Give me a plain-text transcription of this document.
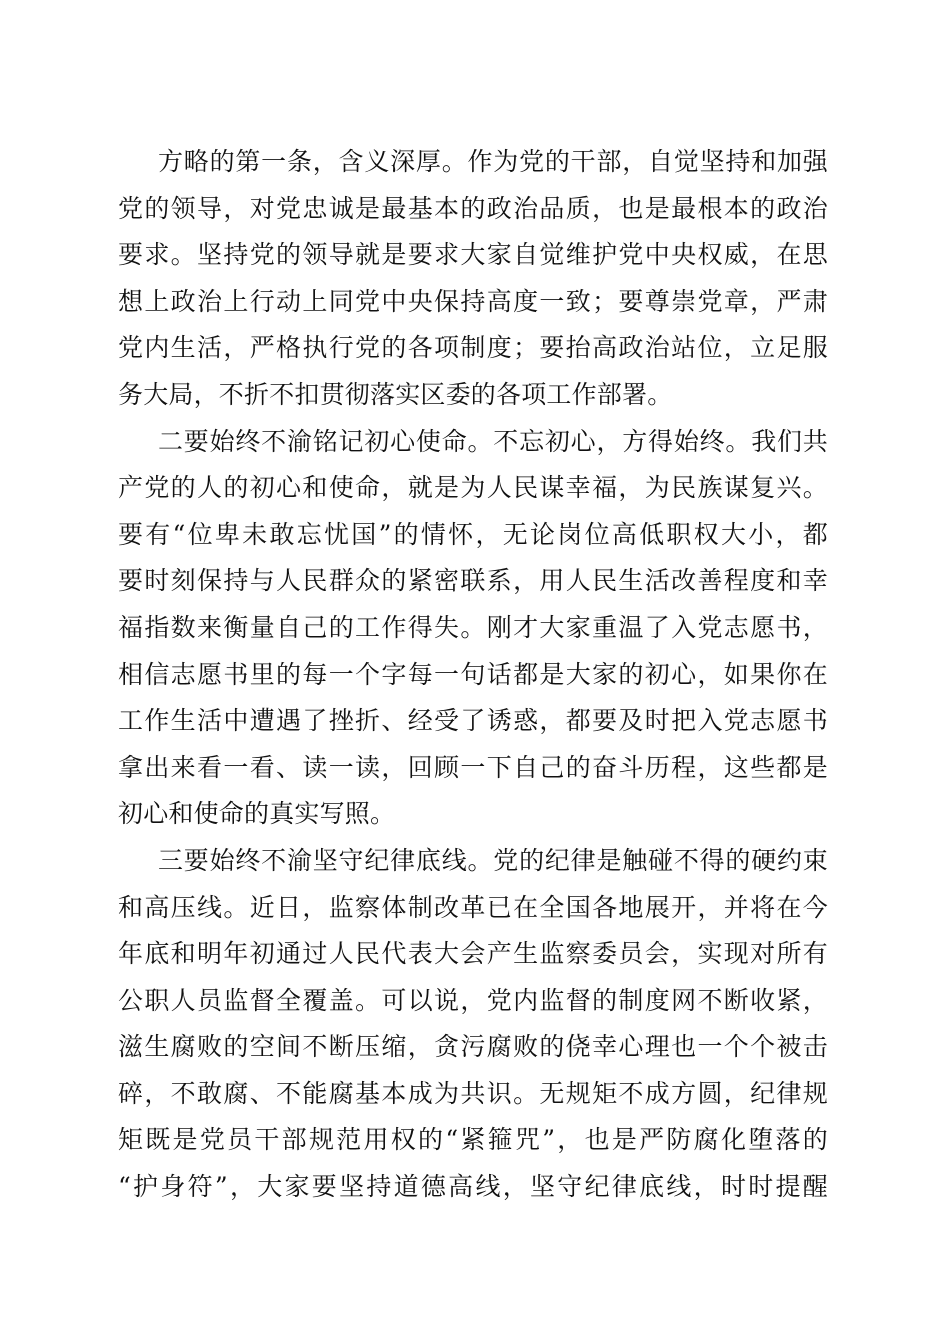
方略的第一条，含义深厚。作为党的干部，自觉坚持和加强
党的领导，对党忠诚是最基本的政治品质，也是最根本的政治
要求。坚持党的领导就是要求大家自觉维护党中央权威，在思
想上政治上行动上同党中央保持高度一致；要尊崇党章，严肃
党内生活，严格执行党的各项制度；要抬高政治站位，立足服
务大局，不折不扣贯彻落实区委的各项工作部署。

二要始终不渝铭记初心使命。不忘初心，方得始终。我们共
产党的人的初心和使命，就是为人民谋幸福，为民族谋复兴。
要有“位卑未敢忘忧国”的情怀，无论岗位高低职权大小，都
要时刻保持与人民群众的紧密联系，用人民生活改善程度和幸
福指数来衡量自己的工作得失。刚才大家重温了入党志愿书，
相信志愿书里的每一个字每一句话都是大家的初心，如果你在
工作生活中遭遇了挫折、经受了诱惑，都要及时把入党志愿书
拿出来看一看、读一读，回顾一下自己的奋斗历程，这些都是
初心和使命的真实写照。

三要始终不渝坚守纪律底线。党的纪律是触碰不得的硬约束
和高压线。近日，监察体制改革已在全国各地展开，并将在今
年底和明年初通过人民代表大会产生监察委员会，实现对所有
公职人员监督全覆盖。可以说，党内监督的制度网不断收紧，
滋生腐败的空间不断压缩，贪污腐败的侥幸心理也一个个被击
碎，不敢腐、不能腐基本成为共识。无规矩不成方圆，纪律规
矩既是党员干部规范用权的“紧箍咒”，也是严防腐化堕落的
“护身符”，大家要坚持道德高线，坚守纪律底线，时时提醒
